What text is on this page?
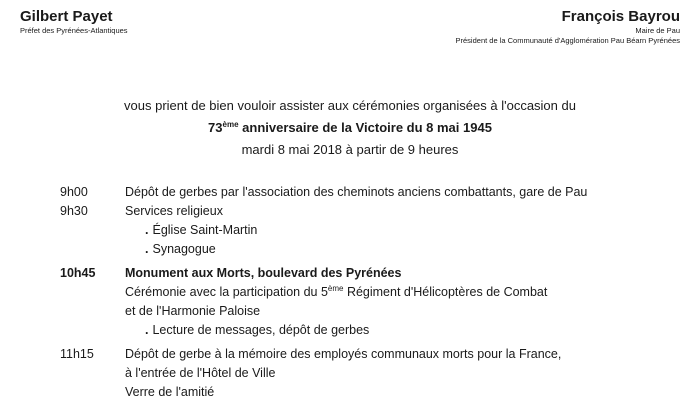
Gilbert Payet
Préfet des Pyrénées-Atlantiques
François Bayrou
Maire de Pau
Président de la Communauté d'Agglomération Pau Béarn Pyrénées
vous prient de bien vouloir assister aux cérémonies organisées à l'occasion du
73ème anniversaire de la Victoire du 8 mai 1945
mardi 8 mai 2018 à partir de 9 heures
9h00	Dépôt de gerbes par l'association des cheminots anciens combattants, gare de Pau
9h30	Services religieux
. Église Saint-Martin
. Synagogue
10h45 Monument aux Morts, boulevard des Pyrénées
Cérémonie avec la participation du 5ème Régiment d'Hélicoptères de Combat
et de l'Harmonie Paloise
. Lecture de messages, dépôt de gerbes
11h15 Dépôt de gerbe à la mémoire des employés communaux morts pour la France,
à l'entrée de l'Hôtel de Ville
Verre de l'amitié
